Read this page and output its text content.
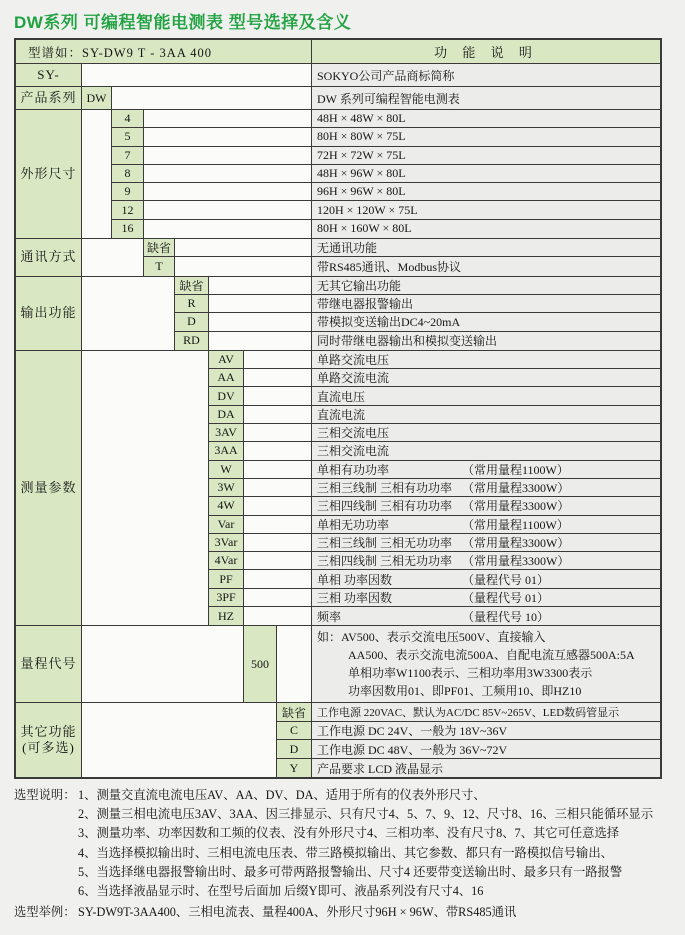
DW系列 可编程智能电测表 型号选择及含义
型谱如：SY-DW9 T - 3AA 400	功 能 说 明
SY-	SOKYO公司产品商标简称
产品系列 DW	DW 系列可编程智能电测表
外形尺寸
4	48H × 48W × 80L
5	80H × 80W × 75L
7	72H × 72W × 75L
8	48H × 96W × 80L
9	96H × 96W × 80L
12	120H × 120W × 75L
16	80H × 160W × 80L
通讯方式
缺省	无通讯功能
T	带RS485通讯、Modbus协议
输出功能
缺省	无其它输出功能
R	带继电器报警输出
D	带模拟变送输出DC4~20mA
RD	同时带继电器输出和模拟变送输出
测量参数
AV	单路交流电压
AA	单路交流电流
DV	直流电压
DA	直流电流
3AV	三相交流电压
3AA	三相交流电流
W	单相有功功率	（常用量程1100W）
3W	三相三线制 三相有功功率 （常用量程3300W）
4W	三相四线制 三相有功功率 （常用量程3300W）
Var	单相无功功率	（常用量程1100W）
3Var	三相三线制 三相无功功率 （常用量程3300W）
4Var	三相四线制 三相无功功率 （常用量程3300W）
PF	单相 功率因数	（量程代号 01）
3PF	三相 功率因数	（量程代号 01）
HZ	频率	（量程代号 10）
量程代号	500
如：AV500、表示交流电压500V、直接输入
AA500、表示交流电流500A、自配电流互感器500A:5A
单相功率W1100表示、三相功率用3W3300表示
功率因数用01、即PF01、工频用10、即HZ10
其它功能
(可多选)
缺省	工作电源 220VAC、默认为AC/DC 85V~265V、LED数码管显示
C	工作电源 DC 24V、一般为 18V~36V
D	工作电源 DC 48V、一般为 36V~72V
Y	产品要求 LCD 液晶显示
选型说明： 1、测量交直流电流电压AV、AA、DV、DA、适用于所有的仪表外形尺寸、
2、测量三相电流电压3AV、3AA、因三排显示、只有尺寸4、5、7、9、12、尺寸8、16、三相只能循环显示
3、测量功率、功率因数和工频的仪表、没有外形尺寸4、三相功率、没有尺寸8、7、其它可任意选择
4、当选择模拟输出时、三相电流电压表、带三路模拟输出、其它参数、都只有一路模拟信号输出、
5、当选择继电器报警输出时、最多可带两路报警输出、尺寸4 还要带变送输出时、最多只有一路报警
6、当选择液晶显示时、在型号后面加 后缀Y即可、液晶系列没有尺寸4、16
选型举例： SY-DW9T-3AA400、三相电流表、量程400A、外形尺寸96H × 96W、带RS485通讯
